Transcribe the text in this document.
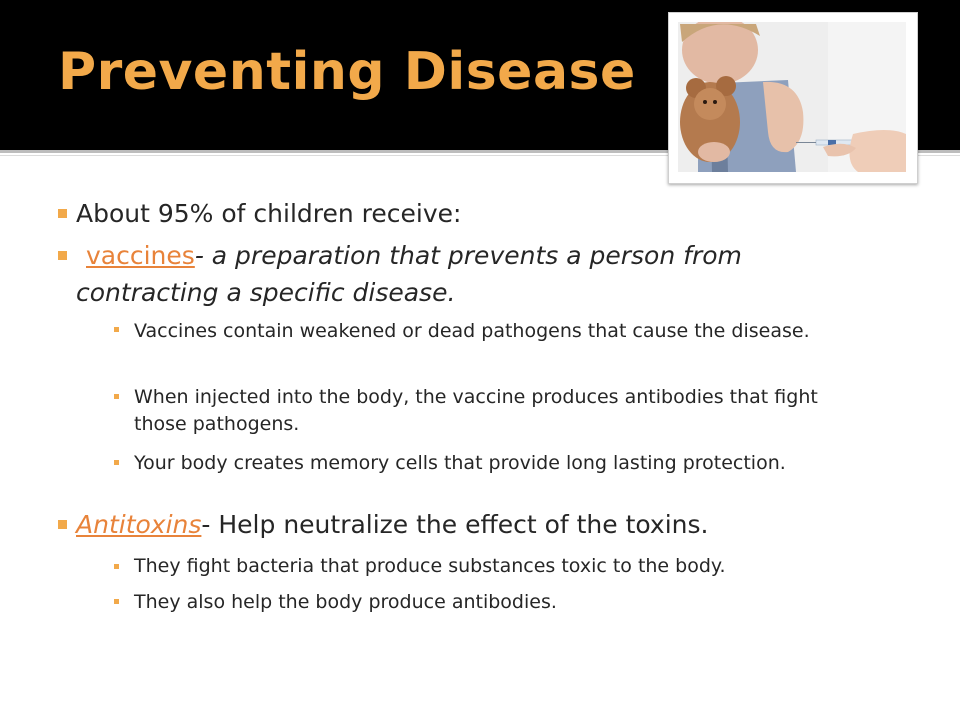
Preventing Disease
About 95% of children receive:
vaccines- a preparation that prevents a person from contracting a specific disease.
Vaccines contain weakened or dead pathogens that cause the disease.
When injected into the body, the vaccine produces antibodies that fight those pathogens.
Your body creates memory cells that provide long lasting protection.
Antitoxins- Help neutralize the effect of the toxins.
They fight bacteria that produce substances toxic to the body.
They also help the body produce antibodies.
